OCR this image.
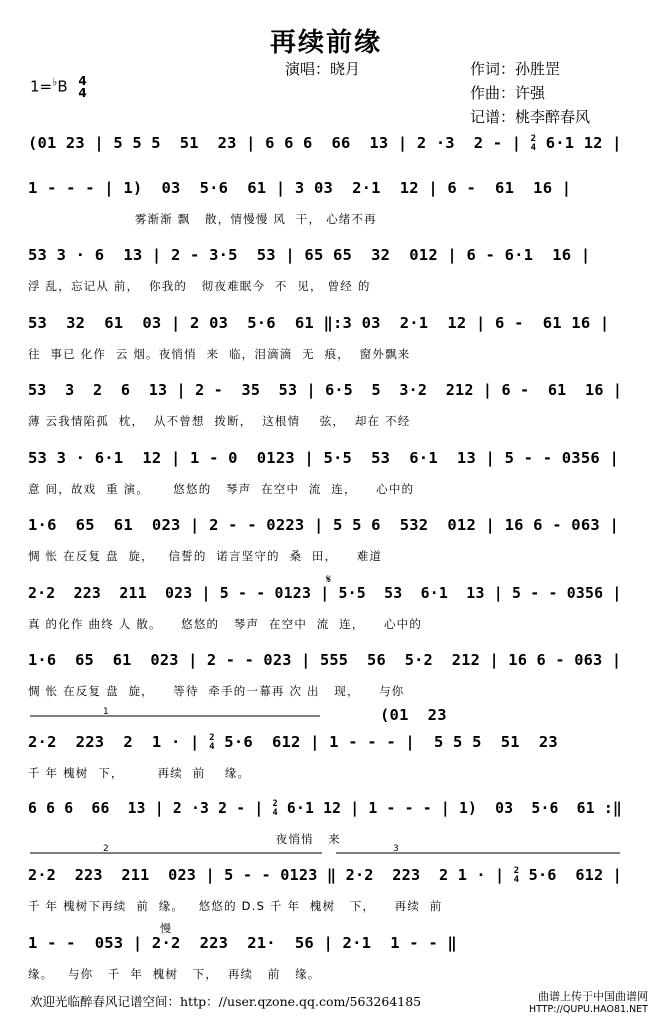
再续前缘
演唱：晓月	作词：孙胜罡
作曲：许强
记谱：桃李醉春风
1=♭B 4
4
(01 23 | 5 5 5  51  23 | 6 6 6  66  13 | 2 ·3  2 - | 2
4 6·1 12 |
1 - - - | 1)  03  5·6  61 | 3 03  2·1  12 | 6 -  61  16 |
雾渐渐 飘   散，情慢慢 风  干， 心绪不再
53 3 · 6  13 | 2 - 3·5  53 | 65 65  32  012 | 6 - 6·1  16 |
浮 乱，忘记从 前，  你我的   彻夜难眠今  不  见， 曾经 的
53  32  61  03 | 2 03  5·6  61 ‖:3 03  2·1  12 | 6 -  61 16 |
往  事已 化作  云 烟。夜悄悄  来  临，泪滴滴  无  痕，  窗外飘来
53  3  2  6  13 | 2 -  35  53 | 6·5  5  3·2  212 | 6 -  61  16 |
薄 云我情陷孤  枕，  从不曾想  拨断，  这根情    弦，  却在 不经
53 3 · 6·1  12 | 1 - 0  0123 | 5·5  53  6·1  13 | 5 - - 0356 |
意 间，故戏  重 演。     悠悠的   琴声  在空中  流  连，    心中的
1·6  65  61  023 | 2 - - 0223 | 5 5 6  532  012 | 16 6 - 063 |
惆 怅 在反复 盘  旋，   信誓的  诺言坚守的  桑  田，    难道
2·2  223  211  023 | 5 - - 0123 | 5·5  53  6·1  13 | 5 - - 0356 |
真 的化作 曲终 人 散。    悠悠的   琴声  在空中  流  连，    心中的
1·6  65  61  023 | 2 - - 023 | 555  56  5·2  212 | 16 6 - 063 |
惆 怅 在反复 盘  旋，    等待  牵手的一幕再 次 出   现，    与你
2·2  223  2  1 · | 2
4 5·6  612 | 1 - - - |  5 5 5  51  23
千 年 槐树  下，       再续  前    缘。
6 6 6  66  13 | 2 ·3 2 - | 2
4 6·1 12 | 1 - - - | 1)  03  5·6  61 :‖
夜悄悄   来
2·2  223  211  023 | 5 - - 0123 ‖ 2·2  223  2 1 · | 2
4 5·6  612 |
千 年 槐树下再续  前  缘。   悠悠的 D.S 千 年  槐树   下，    再续  前
1 - -  053 | 2·2  223  21·  56 | 2·1  1 - - ‖
缘。   与你   千  年  槐树   下，  再续   前   缘。
1
2	3
𝄋
慢
(01  23
欢迎光临醉春风记谱空间：http：//user.qzone.qq.com/563264185	曲谱上传于中国曲谱网
HTTP://QUPU.HAO81.NET
